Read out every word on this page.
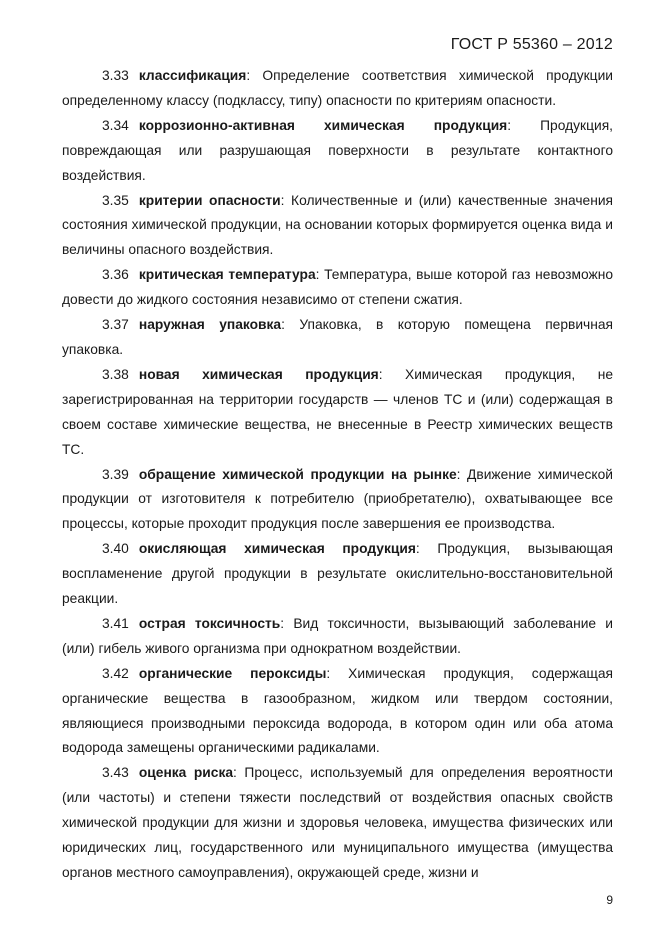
ГОСТ Р 55360 – 2012

3.33 классификация: Определение соответствия химической продукции определенному классу (подклассу, типу) опасности по критериям опасности.

3.34 коррозионно-активная химическая продукция: Продукция, повреждающая или разрушающая поверхности в результате контактного воздействия.

3.35 критерии опасности: Количественные и (или) качественные значения состояния химической продукции, на основании которых формируется оценка вида и величины опасного воздействия.

3.36 критическая температура: Температура, выше которой газ невозможно довести до жидкого состояния независимо от степени сжатия.

3.37 наружная упаковка: Упаковка, в которую помещена первичная упаковка.

3.38 новая химическая продукция: Химическая продукция, не зарегистрированная на территории государств — членов ТС и (или) содержащая в своем составе химические вещества, не внесенные в Реестр химических веществ ТС.

3.39 обращение химической продукции на рынке: Движение химической продукции от изготовителя к потребителю (приобретателю), охватывающее все процессы, которые проходит продукция после завершения ее производства.

3.40 окисляющая химическая продукция: Продукция, вызывающая воспламенение другой продукции в результате окислительно-восстановительной реакции.

3.41 острая токсичность: Вид токсичности, вызывающий заболевание и (или) гибель живого организма при однократном воздействии.

3.42 органические пероксиды: Химическая продукция, содержащая органические вещества в газообразном, жидком или твердом состоянии, являющиеся производными пероксида водорода, в котором один или оба атома водорода замещены органическими радикалами.

3.43 оценка риска: Процесс, используемый для определения вероятности (или частоты) и степени тяжести последствий от воздействия опасных свойств химической продукции для жизни и здоровья человека, имущества физических или юридических лиц, государственного или муниципального имущества (имущества органов местного самоуправления), окружающей среде, жизни и

9
